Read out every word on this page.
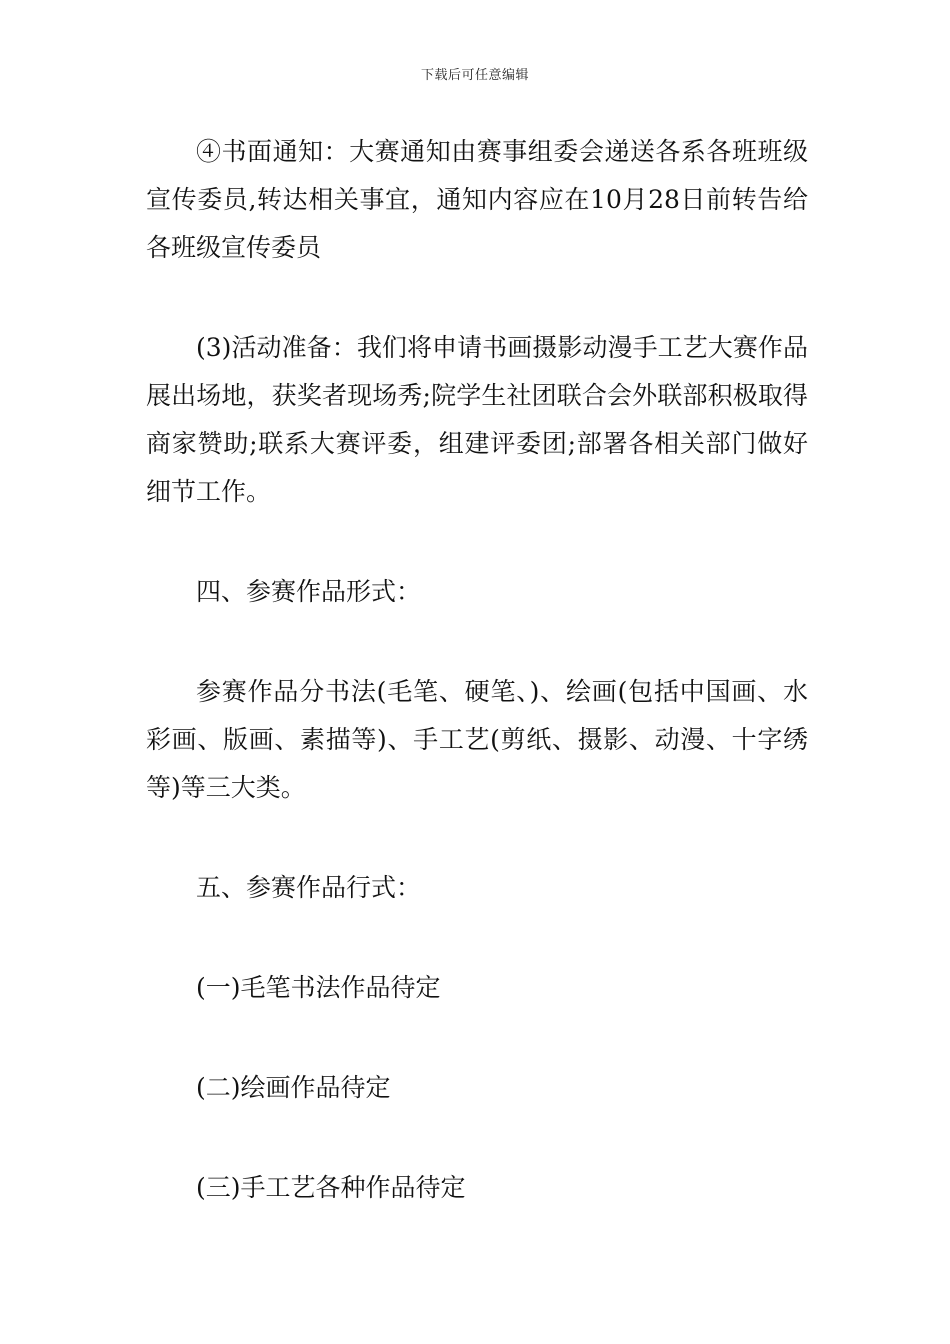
下载后可任意编辑

④书面通知：大赛通知由赛事组委会递送各系各班班级宣传委员,转达相关事宜，通知内容应在10月28日前转告给各班级宣传委员

(3)活动准备：我们将申请书画摄影动漫手工艺大赛作品展出场地，获奖者现场秀;院学生社团联合会外联部积极取得商家赞助;联系大赛评委，组建评委团;部署各相关部门做好细节工作。

四、参赛作品形式：

参赛作品分书法(毛笔、硬笔、)、绘画(包括中国画、水彩画、版画、素描等)、手工艺(剪纸、摄影、动漫、十字绣等)等三大类。

五、参赛作品行式：

(一)毛笔书法作品待定

(二)绘画作品待定

(三)手工艺各种作品待定
